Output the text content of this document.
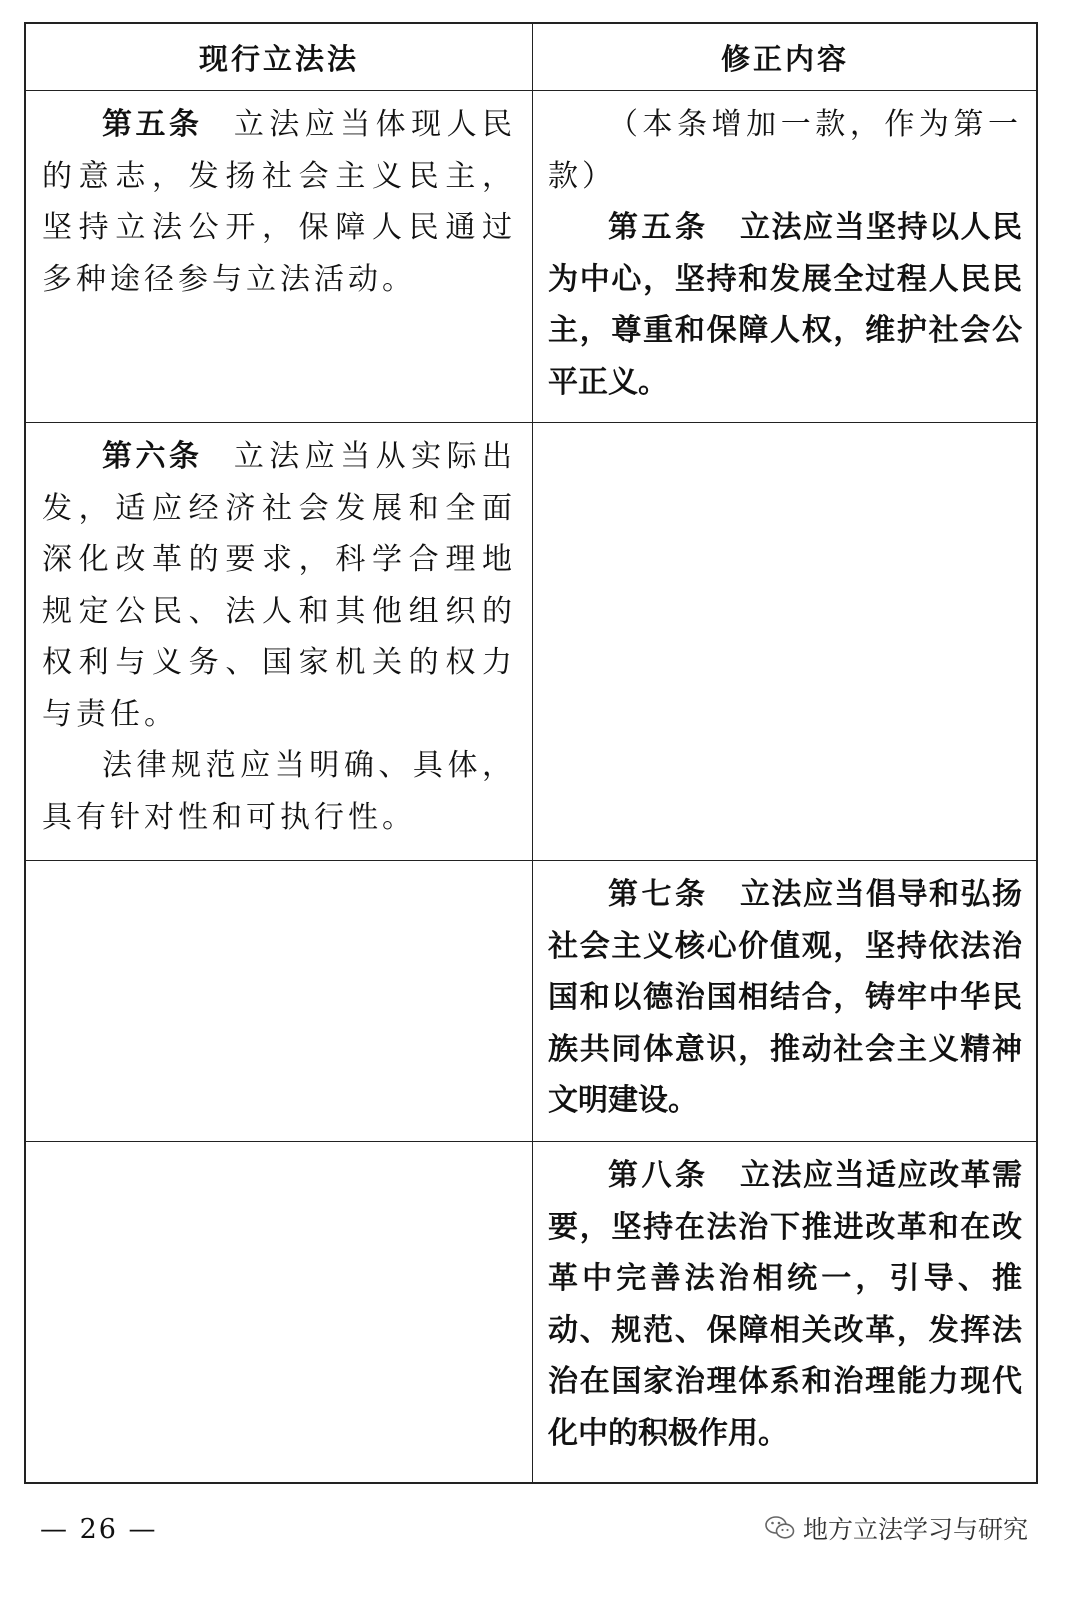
现行立法法	修正内容

第五条　 立法应当体现人民的意志，发扬社会主义民主，坚持立法公开，保障人民通过多种途径参与立法活动。

（本条增加一款，作为第一款）

第五条　 立法应当坚持以人民为中心，坚持和发展全过程人民民主，尊重和保障人权，维护社会公平正义。

第六条　 立法应当从实际出发，适应经济社会发展和全面深化改革的要求，科学合理地规定公民、法人和其他组织的权利与义务、国家机关的权力与责任。

法律规范应当明确、具体，具有针对性和可执行性。

第七条　 立法应当倡导和弘扬社会主义核心价值观，坚持依法治国和以德治国相结合，铸牢中华民族共同体意识，推动社会主义精神文明建设。

第八条　 立法应当适应改革需要，坚持在法治下推进改革和在改革中完善法治相统一，引导、推动、规范、保障相关改革，发挥法治在国家治理体系和治理能力现代化中的积极作用。

— 26 —	地方立法学习与研究
